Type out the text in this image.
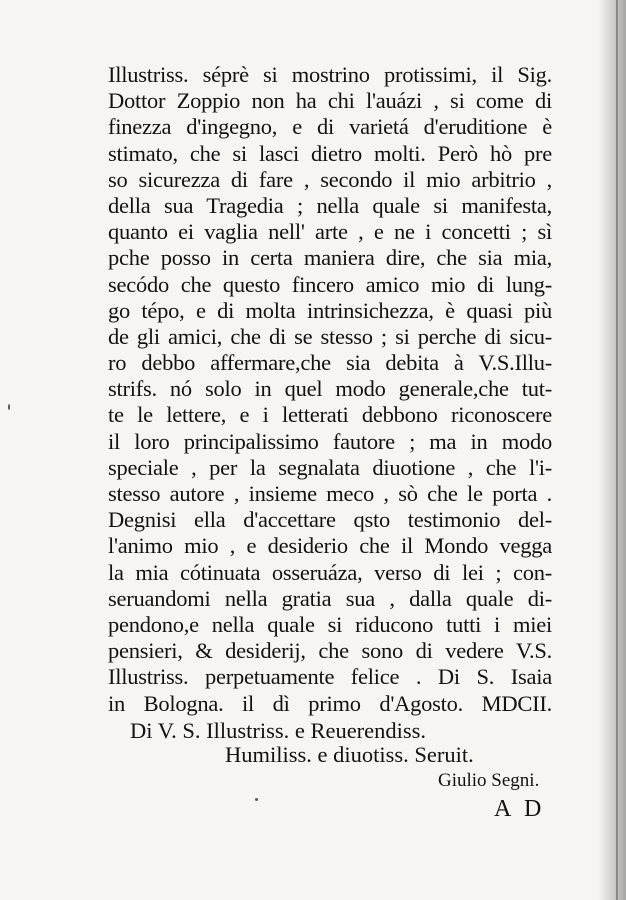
Illustriss. séprè si mostrino protissimi, il Sig.
Dottor Zoppio non ha chi l'auázi , si come di
finezza d'ingegno, e di varietá d'eruditione è
stimato, che si lasci dietro molti. Però hò pre
so sicurezza di fare , secondo il mio arbitrio ,
della sua Tragedia ; nella quale si manifesta,
quanto ei vaglia nell' arte , e ne i concetti ; sì
pche posso in certa maniera dire, che sia mia,
secódo che questo fincero amico mio di lung-
go tépo, e di molta intrinsichezza, è quasi più
de gli amici, che di se stesso ; si perche di sicu-
ro debbo affermare,che sia debita à V.S.Illu-
strifs. nó solo in quel modo generale,che tut-
te le lettere, e i letterati debbono riconoscere
il loro principalissimo fautore ; ma in modo
speciale , per la segnalata diuotione , che l'i-
stesso autore , insieme meco , sò che le porta .
Degnisi ella d'accettare qsto testimonio del-
l'animo mio , e desiderio che il Mondo vegga
la mia cótinuata osseruáza, verso di lei ; con-
seruandomi nella gratia sua , dalla quale di-
pendono,e nella quale si riducono tutti i miei
pensieri, & desiderij, che sono di vedere V.S.
Illustriss. perpetuamente felice . Di S. Isaia
in Bologna. il dì primo d'Agosto. MDCII.
Di V. S. Illustriss. e Reuerendiss.
Humiliss. e diuotiss. Seruit.
Giulio Segni.
A D
